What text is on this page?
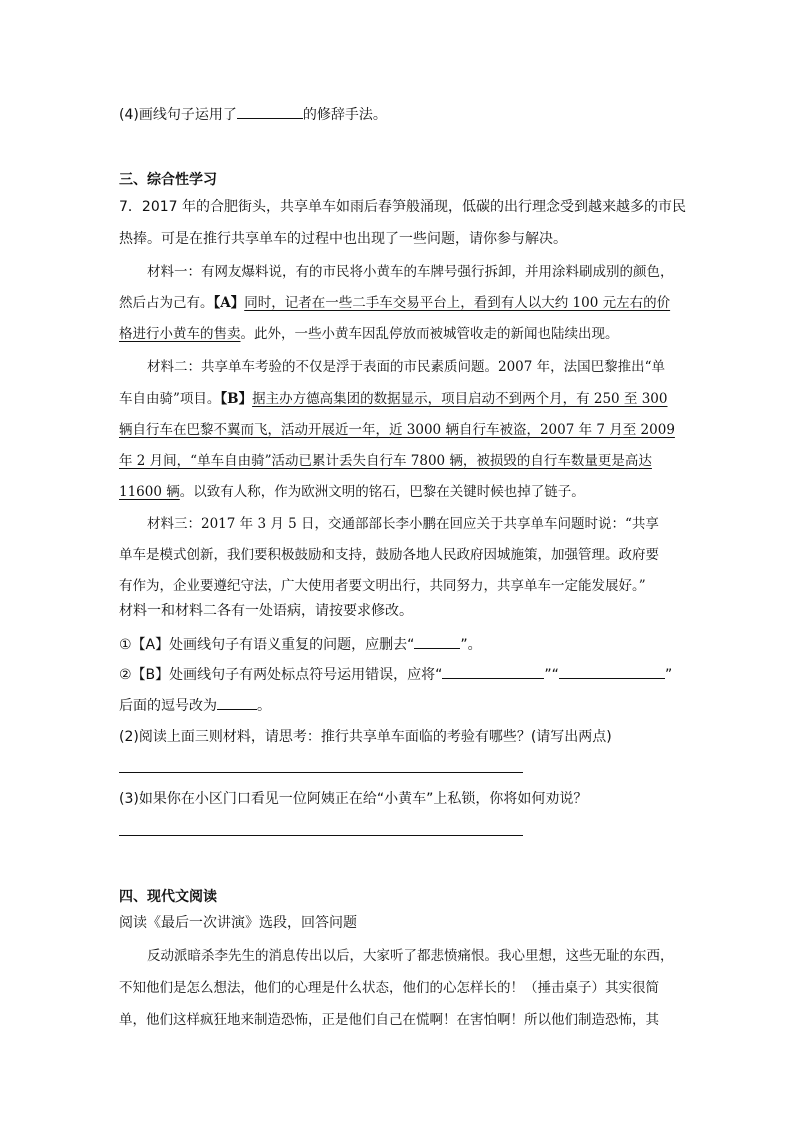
(4)画线句子运用了	的修辞手法。
三、综合性学习
7．2017 年的合肥街头，共享单车如雨后春笋般涌现，低碳的出行理念受到越来越多的市民
热捧。可是在推行共享单车的过程中也出现了一些问题，请你参与解决。
材料一：有网友爆料说，有的市民将小黄车的车牌号强行拆卸，并用涂料刷成别的颜色，
然后占为己有。【A】同时，记者在一些二手车交易平台上，看到有人以大约 100 元左右的价
格进行小黄车的售卖。此外，一些小黄车因乱停放而被城管收走的新闻也陆续出现。
材料二：共享单车考验的不仅是浮于表面的市民素质问题。2007 年，法国巴黎推出“单
车自由骑”项目。【B】据主办方德高集团的数据显示，项目启动不到两个月，有 250 至 300
辆自行车在巴黎不翼而飞，活动开展近一年，近 3000 辆自行车被盗，2007 年 7 月至 2009
年 2 月间，“单车自由骑”活动已累计丢失自行车 7800 辆，被损毁的自行车数量更是高达
11600 辆。以致有人称，作为欧洲文明的铭石，巴黎在关键时候也掉了链子。
材料三：2017 年 3 月 5 日，交通部部长李小鹏在回应关于共享单车问题时说：“共享
单车是模式创新，我们要积极鼓励和支持，鼓励各地人民政府因城施策，加强管理。政府要
有作为，企业要遵纪守法，广大使用者要文明出行，共同努力，共享单车一定能发展好。”
材料一和材料二各有一处语病，请按要求修改。
①【A】处画线句子有语义重复的问题，应删去“	”。
②【B】处画线句子有两处标点符号运用错误，应将“	”“	”
后面的逗号改为	。
(2)阅读上面三则材料，请思考：推行共享单车面临的考验有哪些？(请写出两点)
(3)如果你在小区门口看见一位阿姨正在给“小黄车”上私锁，你将如何劝说？
四、现代文阅读
阅读《最后一次讲演》选段，回答问题
反动派暗杀李先生的消息传出以后，大家听了都悲愤痛恨。我心里想，这些无耻的东西，
不知他们是怎么想法，他们的心理是什么状态，他们的心怎样长的！（捶击桌子）其实很简
单，他们这样疯狂地来制造恐怖，正是他们自己在慌啊！在害怕啊！所以他们制造恐怖，其
